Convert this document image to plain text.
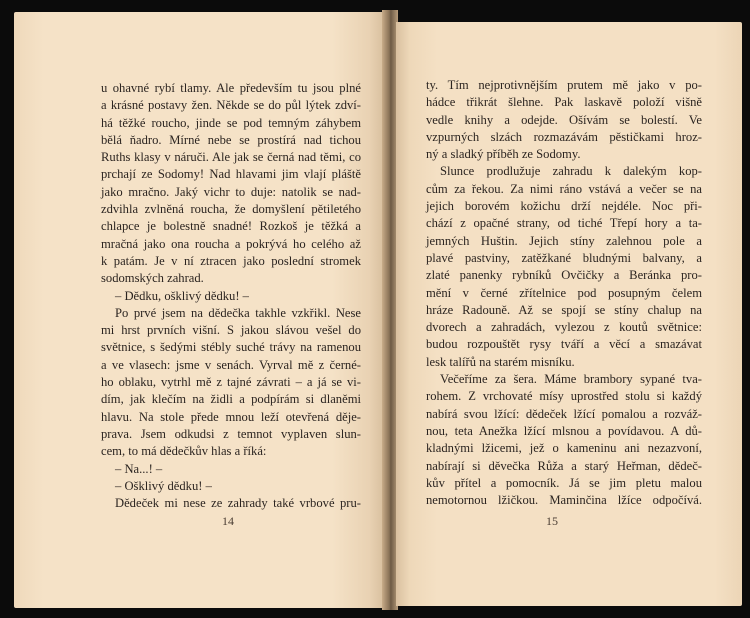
u ohavné rybí tlamy. Ale především tu jsou plné
a krásné postavy žen. Někde se do půl lýtek zdví-
há těžké roucho, jinde se pod temným záhybem
bělá ňadro. Mírné nebe se prostírá nad tichou
Ruths klasy v náruči. Ale jak se černá nad těmi, co
prchají ze Sodomy! Nad hlavami jim vlají pláště
jako mračno. Jaký vichr to duje: natolik se nad-
zdvihla zvlněná roucha, že domyšlení pětiletého
chlapce je bolestně snadné! Rozkoš je těžká a
mračná jako ona roucha a pokrývá ho celého až
k patám. Je v ní ztracen jako poslední stromek
sodomských zahrad.
– Dědku, ošklivý dědku! –
Po prvé jsem na dědečka takhle vzkřikl. Nese
mi hrst prvních višní. S jakou slávou vešel do
světnice, s šedými stébly suché trávy na ramenou
a ve vlasech: jsme v senách. Vyrval mě z černé-
ho oblaku, vytrhl mě z tajné závrati – a já se vi-
dím, jak klečím na židli a podpírám si dlaněmi
hlavu. Na stole přede mnou leží otevřená děje-
prava. Jsem odkudsi z temnot vyplaven slun-
cem, to má dědečkův hlas a říká:
– Na...! –
– Ošklivý dědku! –
Dědeček mi nese ze zahrady také vrbové pru-
14
ty. Tím nejprotivnějším prutem mě jako v po-
hádce třikrát šlehne. Pak laskavě položí višně
vedle knihy a odejde. Ošívám se bolestí. Ve
vzpurných slzách rozmazávám pěstičkami hroz-
ný a sladký příběh ze Sodomy.
Slunce prodlužuje zahradu k dalekým kop-
cům za řekou. Za nimi ráno vstává a večer se na
jejich borovém kožichu drží nejdéle. Noc při-
chází z opačné strany, od tiché Třepí hory a ta-
jemných Huštin. Jejich stíny zalehnou pole a
plavé pastviny, zatěžkané bludnými balvany, a
zlaté panenky rybníků Ovčičky a Beránka pro-
mění v černé zřítelnice pod posupným čelem
hráze Radouně. Až se spojí se stíny chalup na
dvorech a zahradách, vylezou z koutů světnice:
budou rozpouštět rysy tváří a věcí a smazávat
lesk talířů na starém misníku.
Večeříme za šera. Máme brambory sypané tva-
rohem. Z vrchovaté mísy uprostřed stolu si každý
nabírá svou lžící: dědeček lžící pomalou a rozváž-
nou, teta Anežka lžící mlsnou a povídavou. A dů-
kladnými lžicemi, jež o kameninu ani nezazvoní,
nabírají si děvečka Růža a starý Heřman, dědeč-
kův přítel a pomocník. Já se jim pletu malou
nemotornou lžičkou. Maminčina lžíce odpočívá.
15
